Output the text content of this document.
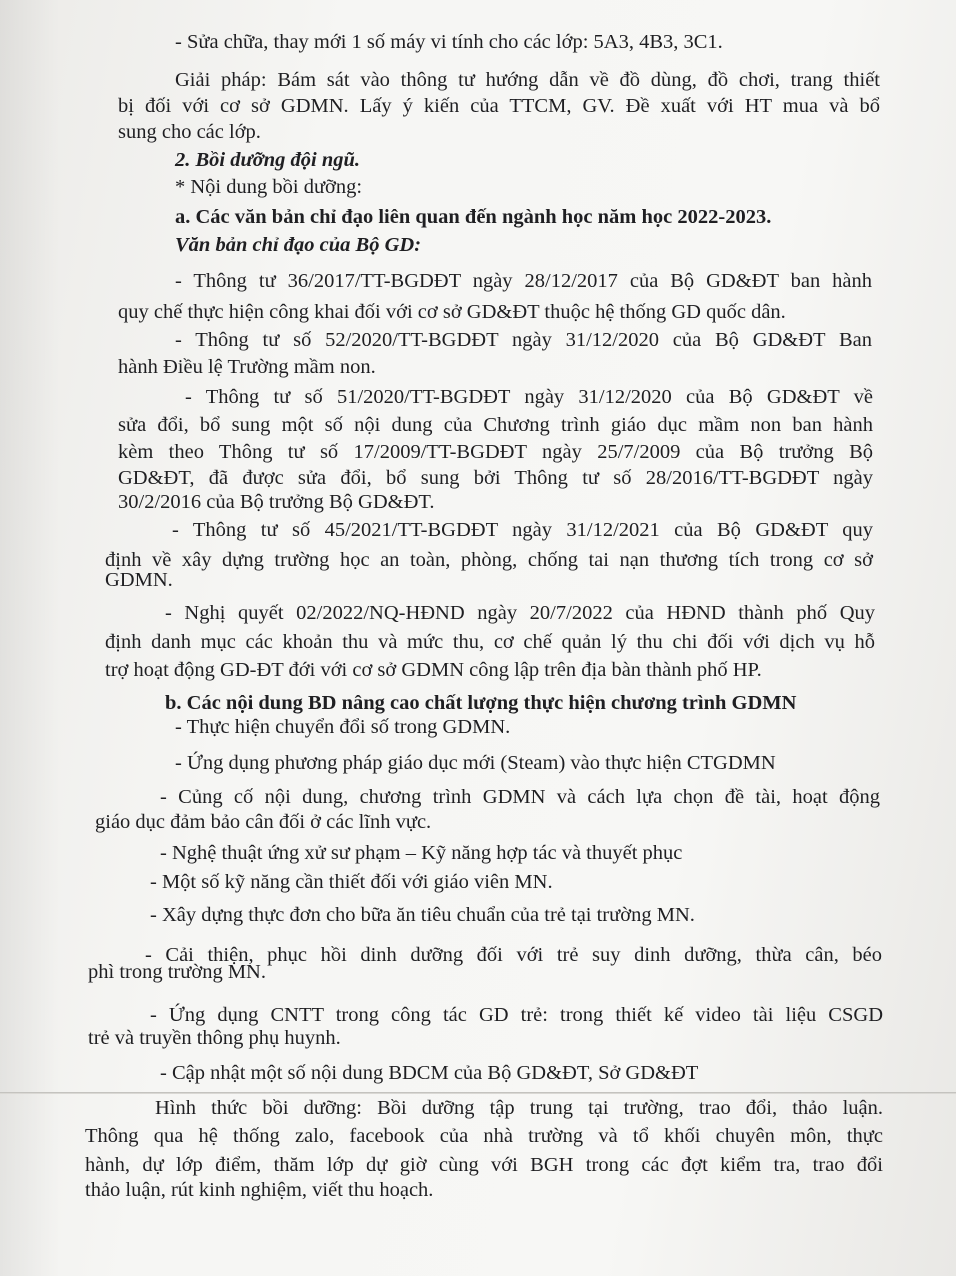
- Sửa chữa, thay mới 1 số máy vi tính cho các lớp: 5A3, 4B3, 3C1.
Giải pháp: Bám sát vào thông tư hướng dẫn về đồ dùng, đồ chơi, trang thiết
bị đối với cơ sở GDMN. Lấy ý kiến của TTCM, GV. Đề xuất với HT mua và bổ
sung cho các lớp.
2. Bồi dưỡng đội ngũ.
* Nội dung bồi dưỡng:
a. Các văn bản chỉ đạo liên quan đến ngành học năm học 2022-2023.
Văn bản chỉ đạo của Bộ GD:
- Thông tư 36/2017/TT-BGDĐT ngày 28/12/2017 của Bộ GD&ĐT ban hành
quy chế thực hiện công khai đối với cơ sở GD&ĐT thuộc hệ thống GD quốc dân.
- Thông tư số 52/2020/TT-BGDĐT ngày 31/12/2020 của Bộ GD&ĐT Ban
hành Điều lệ Trường mầm non.
- Thông tư số 51/2020/TT-BGDĐT ngày 31/12/2020 của Bộ GD&ĐT về
sửa đổi, bổ sung một số nội dung của Chương trình giáo dục mầm non ban hành
kèm theo Thông tư số 17/2009/TT-BGDĐT ngày 25/7/2009 của Bộ trưởng Bộ
GD&ĐT, đã được sửa đổi, bổ sung bởi Thông tư số 28/2016/TT-BGDĐT ngày
30/2/2016 của Bộ trưởng Bộ GD&ĐT.
- Thông tư số 45/2021/TT-BGDĐT ngày 31/12/2021 của Bộ GD&ĐT quy
định về xây dựng trường học an toàn, phòng, chống tai nạn thương tích trong cơ sở
GDMN.
- Nghị quyết 02/2022/NQ-HĐND ngày 20/7/2022 của HĐND thành phố Quy
định danh mục các khoản thu và mức thu, cơ chế quản lý thu chi đối với dịch vụ hỗ
trợ hoạt động GD-ĐT đới với cơ sở GDMN công lập trên địa bàn thành phố HP.
b. Các nội dung BD nâng cao chất lượng thực hiện chương trình GDMN
- Thực hiện chuyển đổi số trong GDMN.
- Ứng dụng phương pháp giáo dục mới (Steam) vào thực hiện CTGDMN
- Củng cố nội dung, chương trình GDMN và cách lựa chọn đề tài, hoạt động
giáo dục đảm bảo cân đối ở các lĩnh vực.
- Nghệ thuật ứng xử sư phạm – Kỹ năng hợp tác và thuyết phục
- Một số kỹ năng cần thiết đối với giáo viên MN.
- Xây dựng thực đơn cho bữa ăn tiêu chuẩn của trẻ tại trường MN.
- Cải thiện, phục hồi dinh dưỡng đối với trẻ suy dinh dưỡng, thừa cân, béo
phì trong trường MN.
- Ứng dụng CNTT trong công tác GD trẻ: trong thiết kế video tài liệu CSGD
trẻ và truyền thông phụ huynh.
- Cập nhật một số nội dung BDCM của Bộ GD&ĐT, Sở GD&ĐT
Hình thức bồi dưỡng: Bồi dưỡng tập trung tại trường, trao đổi, thảo luận.
Thông qua hệ thống zalo, facebook của nhà trường và tổ khối chuyên môn, thực
hành, dự lớp điểm, thăm lớp dự giờ cùng với BGH trong các đợt kiểm tra, trao đổi
thảo luận, rút kinh nghiệm, viết thu hoạch.
